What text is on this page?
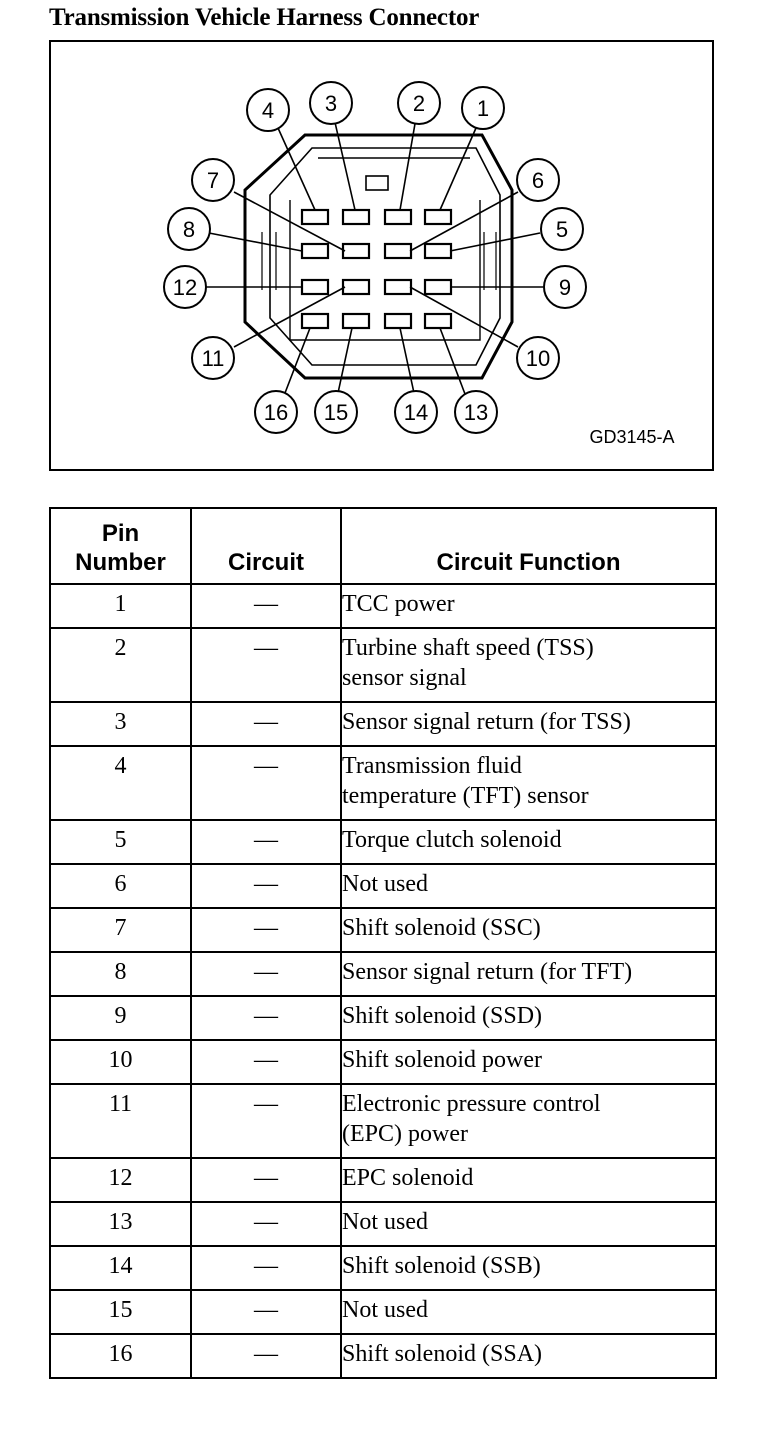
Transmission Vehicle Harness Connector
1
2
3
4
5
6
7
8
9
10
11
12
13
14
15
16
GD3145-A
Pin
Number	Circuit	Circuit Function
1	—	TCC power
2	—	Turbine shaft speed (TSS)
sensor signal
3	—	Sensor signal return (for TSS)
4	—	Transmission fluid
temperature (TFT) sensor
5	—	Torque clutch solenoid
6	—	Not used
7	—	Shift solenoid (SSC)
8	—	Sensor signal return (for TFT)
9	—	Shift solenoid (SSD)
10	—	Shift solenoid power
11	—	Electronic pressure control
(EPC) power
12	—	EPC solenoid
13	—	Not used
14	—	Shift solenoid (SSB)
15	—	Not used
16	—	Shift solenoid (SSA)
